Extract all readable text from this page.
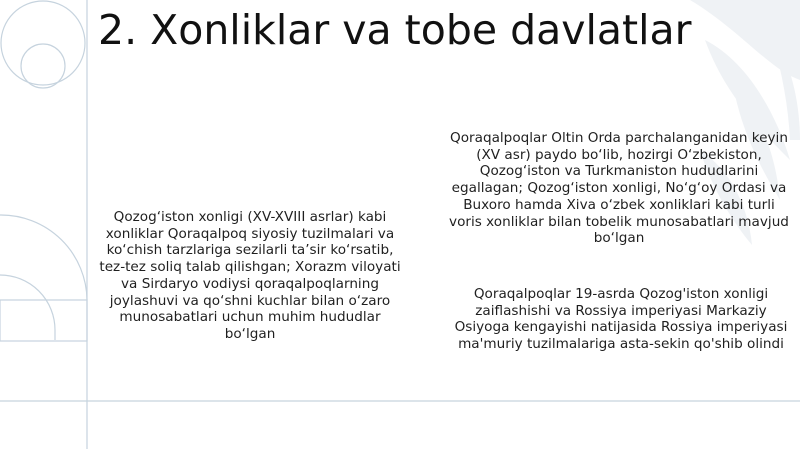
2. Xonliklar va tobe davlatlar

Qozog‘iston xonligi (XV-XVIII asrlar) kabi xonliklar Qoraqalpoq siyosiy tuzilmalari va ko‘chish tarzlariga sezilarli ta’sir ko‘rsatib, tez-tez soliq talab qilishgan; Xorazm viloyati va Sirdaryo vodiysi qoraqalpoqlarning joylashuvi va qo‘shni kuchlar bilan o‘zaro munosabatlari uchun muhim hududlar bo‘lgan

Qoraqalpoqlar Oltin Orda parchalanganidan keyin (XV asr) paydo bo‘lib, hozirgi O‘zbekiston, Qozog‘iston va Turkmaniston hududlarini egallagan; Qozog‘iston xonligi, No‘g‘oy Ordasi va Buxoro hamda Xiva o‘zbek xonliklari kabi turli voris xonliklar bilan tobelik munosabatlari mavjud bo‘lgan

Qoraqalpoqlar 19-asrda Qozog'iston xonligi zaiflashishi va Rossiya imperiyasi Markaziy Osiyoga kengayishi natijasida Rossiya imperiyasi ma'muriy tuzilmalariga asta-sekin qo'shib olindi
